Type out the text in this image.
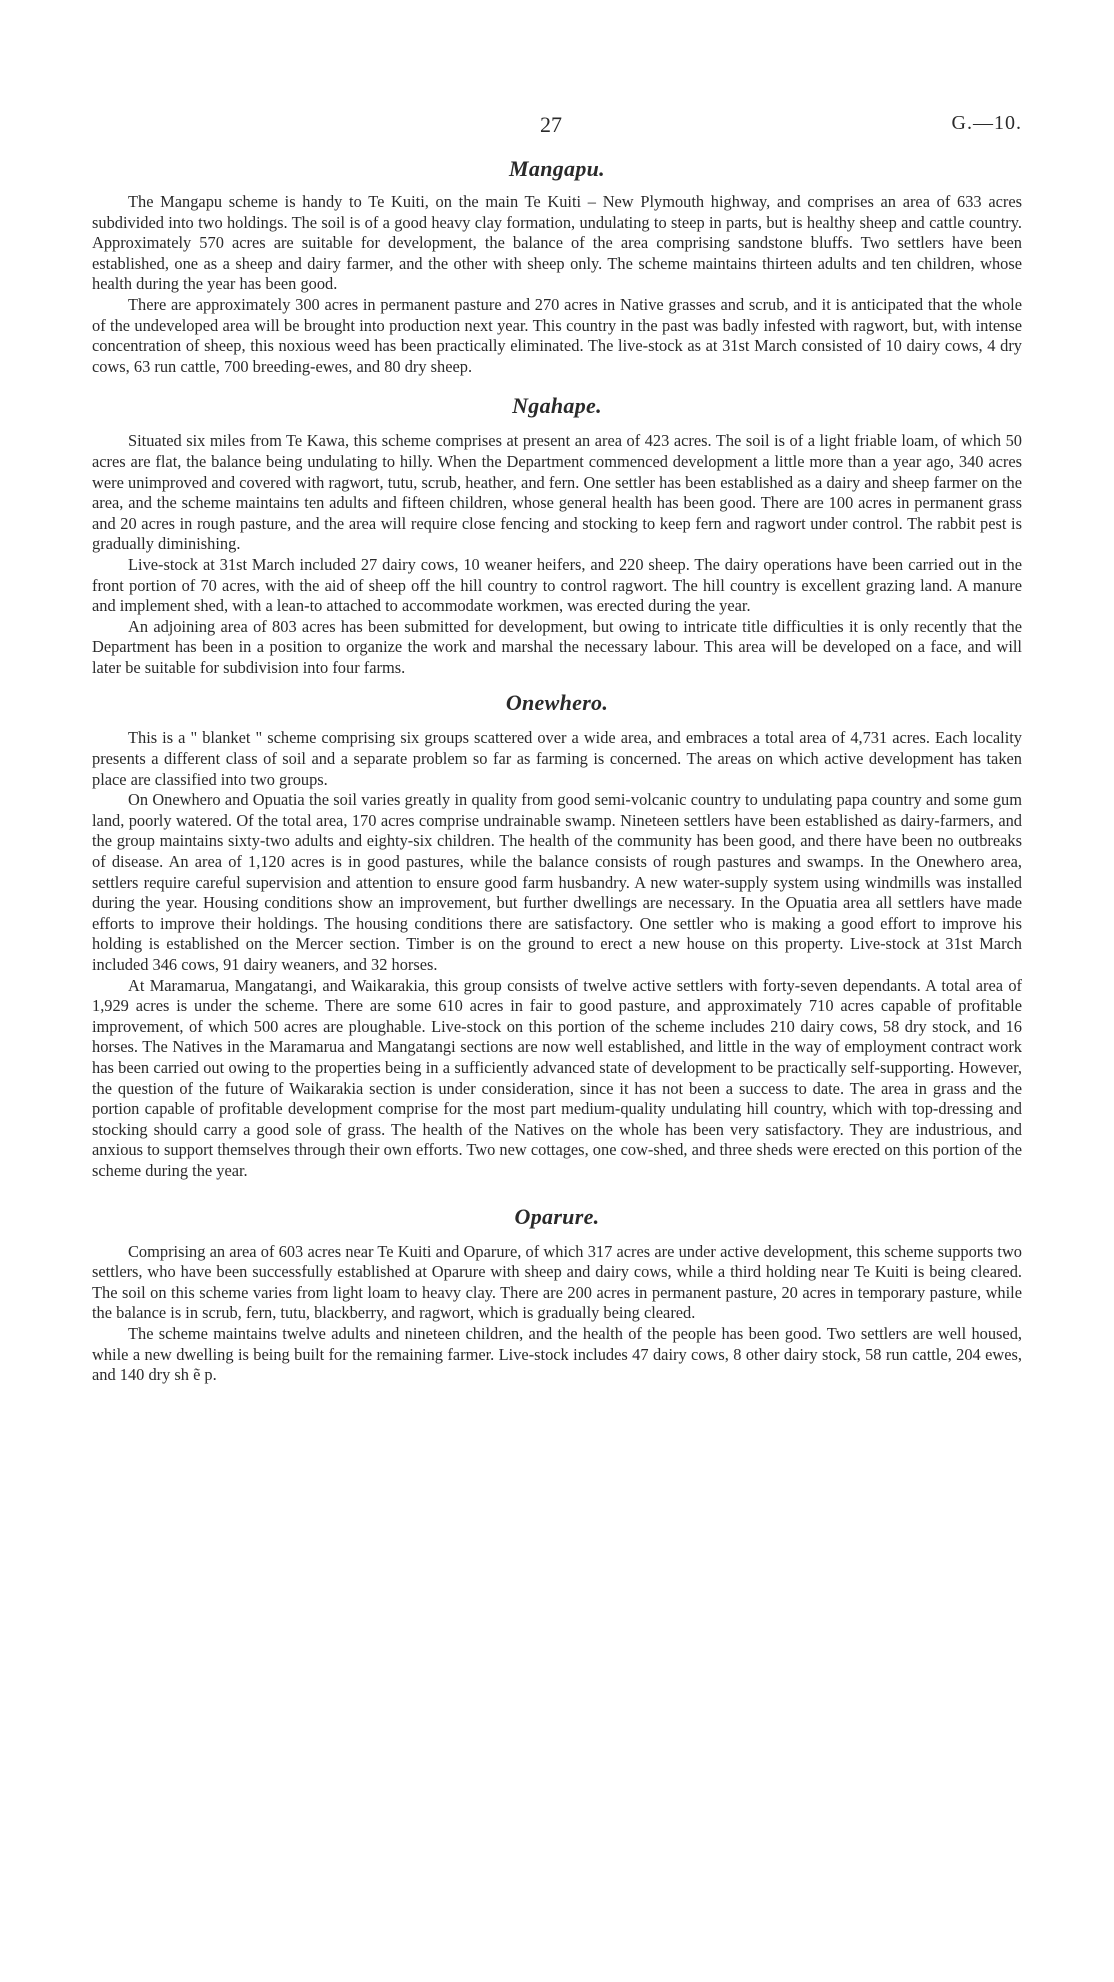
27	G.—10.
Mangapu.

The Mangapu scheme is handy to Te Kuiti, on the main Te Kuiti – New Plymouth highway, and comprises an area of 633 acres subdivided into two holdings. The soil is of a good heavy clay formation, undulating to steep in parts, but is healthy sheep and cattle country. Approximately 570 acres are suitable for development, the balance of the area comprising sandstone bluffs. Two settlers have been established, one as a sheep and dairy farmer, and the other with sheep only. The scheme maintains thirteen adults and ten children, whose health during the year has been good.

There are approximately 300 acres in permanent pasture and 270 acres in Native grasses and scrub, and it is anticipated that the whole of the undeveloped area will be brought into production next year. This country in the past was badly infested with ragwort, but, with intense concentration of sheep, this noxious weed has been practically eliminated. The live-stock as at 31st March consisted of 10 dairy cows, 4 dry cows, 63 run cattle, 700 breeding-ewes, and 80 dry sheep.

Ngahape.

Situated six miles from Te Kawa, this scheme comprises at present an area of 423 acres. The soil is of a light friable loam, of which 50 acres are flat, the balance being undulating to hilly. When the Department commenced development a little more than a year ago, 340 acres were unimproved and covered with ragwort, tutu, scrub, heather, and fern. One settler has been established as a dairy and sheep farmer on the area, and the scheme maintains ten adults and fifteen children, whose general health has been good. There are 100 acres in permanent grass and 20 acres in rough pasture, and the area will require close fencing and stocking to keep fern and ragwort under control. The rabbit pest is gradually diminishing.

Live-stock at 31st March included 27 dairy cows, 10 weaner heifers, and 220 sheep. The dairy operations have been carried out in the front portion of 70 acres, with the aid of sheep off the hill country to control ragwort. The hill country is excellent grazing land. A manure and implement shed, with a lean-to attached to accommodate workmen, was erected during the year.

An adjoining area of 803 acres has been submitted for development, but owing to intricate title difficulties it is only recently that the Department has been in a position to organize the work and marshal the necessary labour. This area will be developed on a face, and will later be suitable for subdivision into four farms.

Onewhero.

This is a " blanket " scheme comprising six groups scattered over a wide area, and embraces a total area of 4,731 acres. Each locality presents a different class of soil and a separate problem so far as farming is concerned. The areas on which active development has taken place are classified into two groups.

On Onewhero and Opuatia the soil varies greatly in quality from good semi-volcanic country to undulating papa country and some gum land, poorly watered. Of the total area, 170 acres comprise undrainable swamp. Nineteen settlers have been established as dairy-farmers, and the group maintains sixty-two adults and eighty-six children. The health of the community has been good, and there have been no outbreaks of disease. An area of 1,120 acres is in good pastures, while the balance consists of rough pastures and swamps. In the Onewhero area, settlers require careful supervision and attention to ensure good farm husbandry. A new water-supply system using windmills was installed during the year. Housing conditions show an improvement, but further dwellings are necessary. In the Opuatia area all settlers have made efforts to improve their holdings. The housing conditions there are satisfactory. One settler who is making a good effort to improve his holding is established on the Mercer section. Timber is on the ground to erect a new house on this property. Live-stock at 31st March included 346 cows, 91 dairy weaners, and 32 horses.

At Maramarua, Mangatangi, and Waikarakia, this group consists of twelve active settlers with forty-seven dependants. A total area of 1,929 acres is under the scheme. There are some 610 acres in fair to good pasture, and approximately 710 acres capable of profitable improvement, of which 500 acres are ploughable. Live-stock on this portion of the scheme includes 210 dairy cows, 58 dry stock, and 16 horses. The Natives in the Maramarua and Mangatangi sections are now well established, and little in the way of employment contract work has been carried out owing to the properties being in a sufficiently advanced state of development to be practically self-supporting. However, the question of the future of Waikarakia section is under consideration, since it has not been a success to date. The area in grass and the portion capable of profitable development comprise for the most part medium-quality undulating hill country, which with top-dressing and stocking should carry a good sole of grass. The health of the Natives on the whole has been very satisfactory. They are industrious, and anxious to support themselves through their own efforts. Two new cottages, one cow-shed, and three sheds were erected on this portion of the scheme during the year.

Oparure.

Comprising an area of 603 acres near Te Kuiti and Oparure, of which 317 acres are under active development, this scheme supports two settlers, who have been successfully established at Oparure with sheep and dairy cows, while a third holding near Te Kuiti is being cleared. The soil on this scheme varies from light loam to heavy clay. There are 200 acres in permanent pasture, 20 acres in temporary pasture, while the balance is in scrub, fern, tutu, blackberry, and ragwort, which is gradually being cleared.

The scheme maintains twelve adults and nineteen children, and the health of the people has been good. Two settlers are well housed, while a new dwelling is being built for the remaining farmer. Live-stock includes 47 dairy cows, 8 other dairy stock, 58 run cattle, 204 ewes, and 140 dry sh ẽ p.
